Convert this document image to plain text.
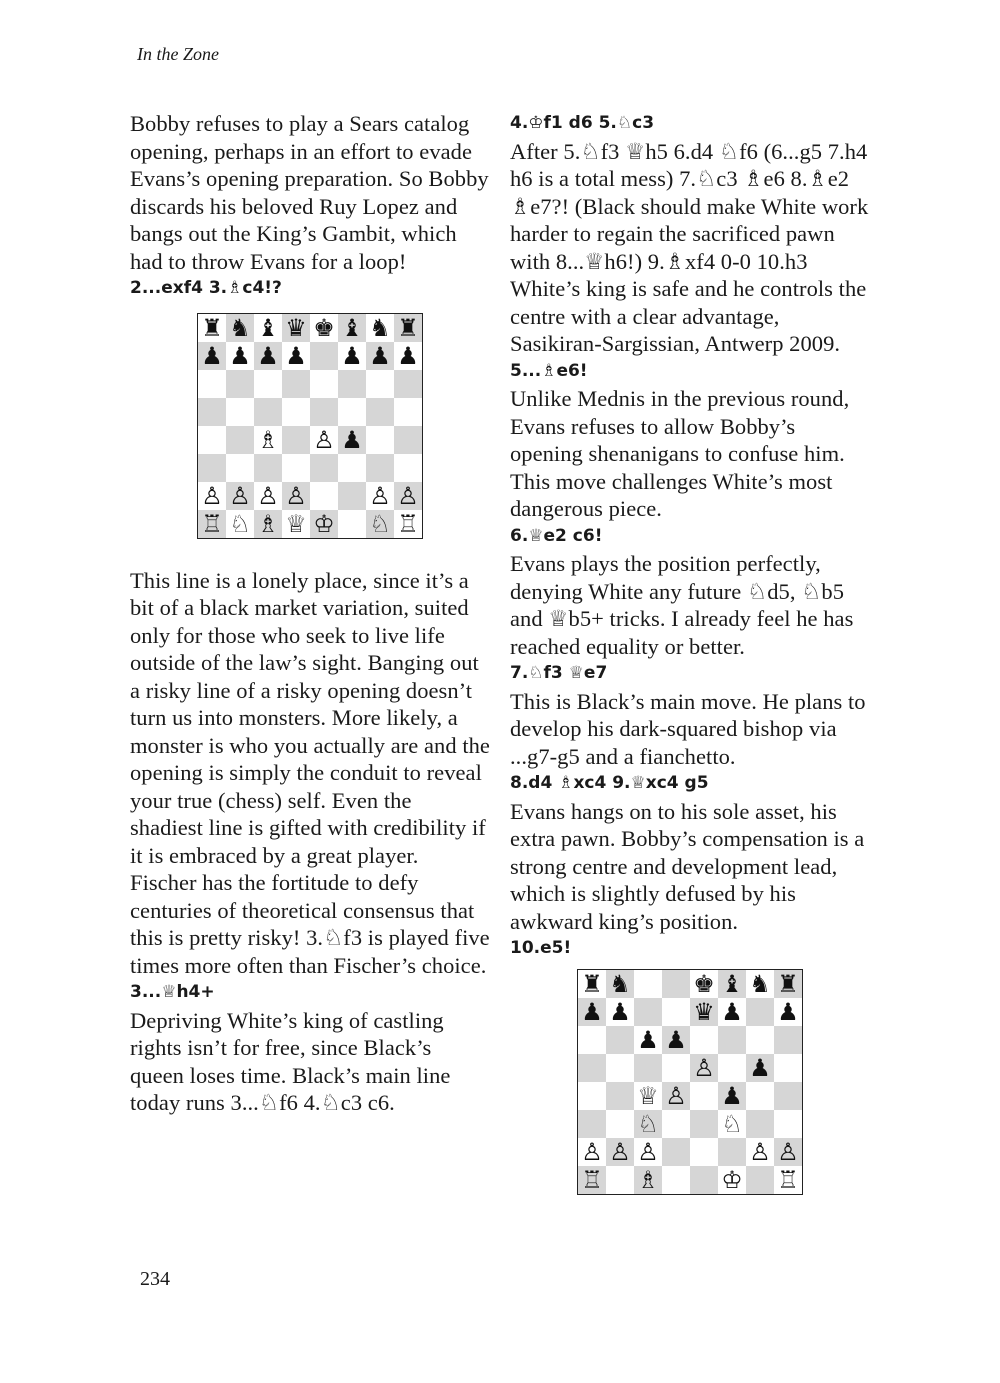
In the Zone
Bobby refuses to play a Sears catalog opening, perhaps in an effort to evade Evans’s opening preparation. So Bobby discards his beloved Ruy Lopez and bangs out the King’s Gambit, which had to throw Evans for a loop!
2...exf4 3.♗c4!?
♜ ♞ ♝ ♛ ♚ ♝ ♞ ♜
♟ ♟ ♟ ♟ ♟ ♟ ♟
♗ ♙ ♟
♙ ♙ ♙ ♙	♙ ♙
♖ ♘ ♗ ♕ ♔ ♘ ♖
This line is a lonely place, since it’s a bit of a black market variation, suited only for those who seek to live life outside of the law’s sight. Banging out a risky line of a risky opening doesn’t turn us into monsters. More likely, a monster is who you actually are and the opening is simply the conduit to reveal your true (chess) self. Even the shadiest line is gifted with credibility if it is embraced by a great player. Fischer has the fortitude to defy centuries of theoretical consensus that this is pretty risky! 3.♘f3 is played five times more often than Fischer’s choice.
3...♕h4+
Depriving White’s king of castling rights isn’t for free, since Black’s queen loses time. Black’s main line today runs 3...♘f6 4.♘c3 c6.
4.♔f1 d6 5.♘c3
After 5.♘f3 ♕h5 6.d4 ♘f6 (6...g5 7.h4 h6 is a total mess) 7.♘c3 ♗e6 8.♗e2 ♗e7?! (Black should make White work harder to regain the sacrificed pawn with 8...♕h6!) 9.♗xf4 0-0 10.h3 White’s king is safe and he controls the centre with a clear advantage, Sasikiran-Sargissian, Antwerp 2009.
5...♗e6!
Unlike Mednis in the previous round, Evans refuses to allow Bobby’s opening shenanigans to confuse him. This move challenges White’s most dangerous piece.
6.♕e2 c6!
Evans plays the position perfectly, denying White any future ♘d5, ♘b5 and ♕b5+ tricks. I already feel he has reached equality or better.
7.♘f3 ♕e7
This is Black’s main move. He plans to develop his dark-squared bishop via ...g7-g5 and a fianchetto.
8.d4 ♗xc4 9.♕xc4 g5
Evans hangs on to his sole asset, his extra pawn. Bobby’s compensation is a strong centre and development lead, which is slightly defused by his awkward king’s position.
10.e5!
♜ ♞	♚ ♝ ♞ ♜
♟ ♟	♛ ♟ ♟
♟ ♟
♙ ♟
♕ ♙ ♟
♘	♘
♙ ♙ ♙	♙ ♙
♖ ♗	♔ ♖
234
